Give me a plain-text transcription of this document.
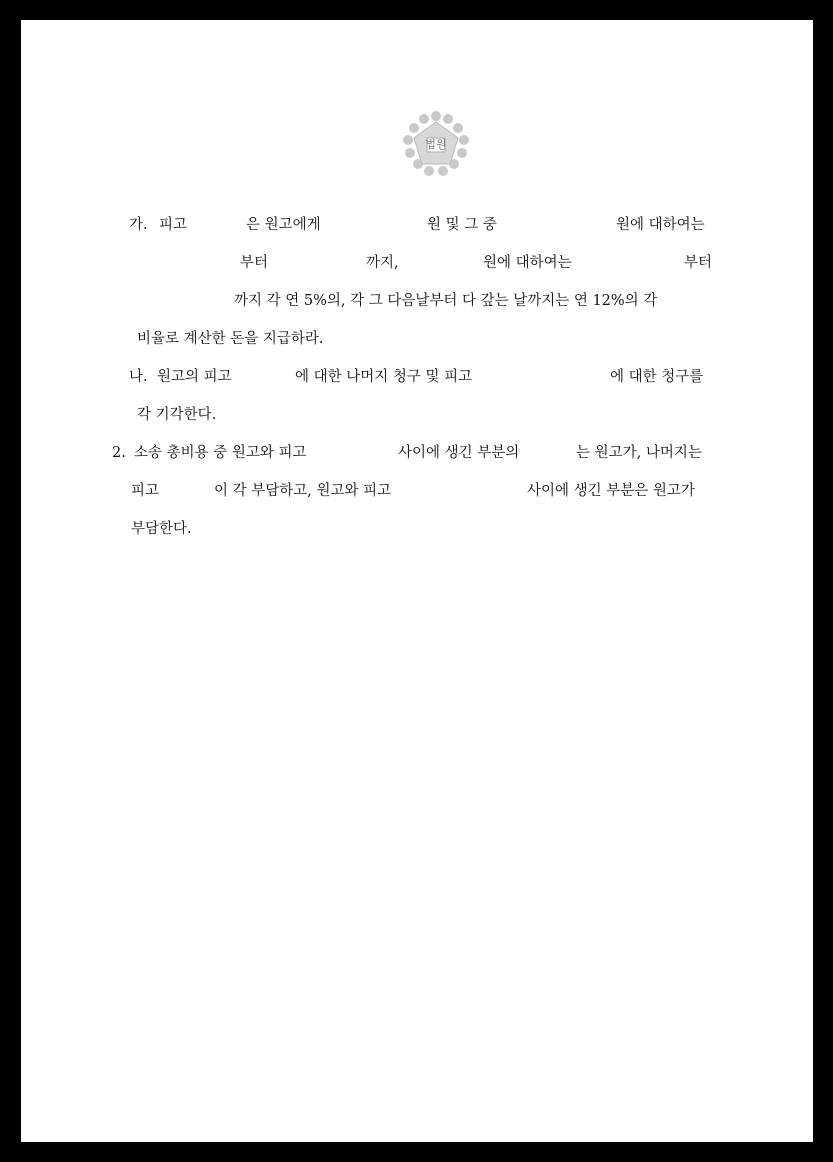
법원
가. 피고	은 원고에게	원 및 그 중	원에 대하여는
부터	까지,	원에 대하여는	부터
까지 각 연 5%의, 각 그 다음날부터 다 갚는 날까지는 연 12%의 각
비율로 계산한 돈을 지급하라.
나. 원고의 피고	에 대한 나머지 청구 및 피고	에 대한 청구를
각 기각한다.
2. 소송 총비용 중 원고와 피고	사이에 생긴 부분의	는 원고가, 나머지는
피고	이 각 부담하고, 원고와 피고	사이에 생긴 부분은 원고가
부담한다.
